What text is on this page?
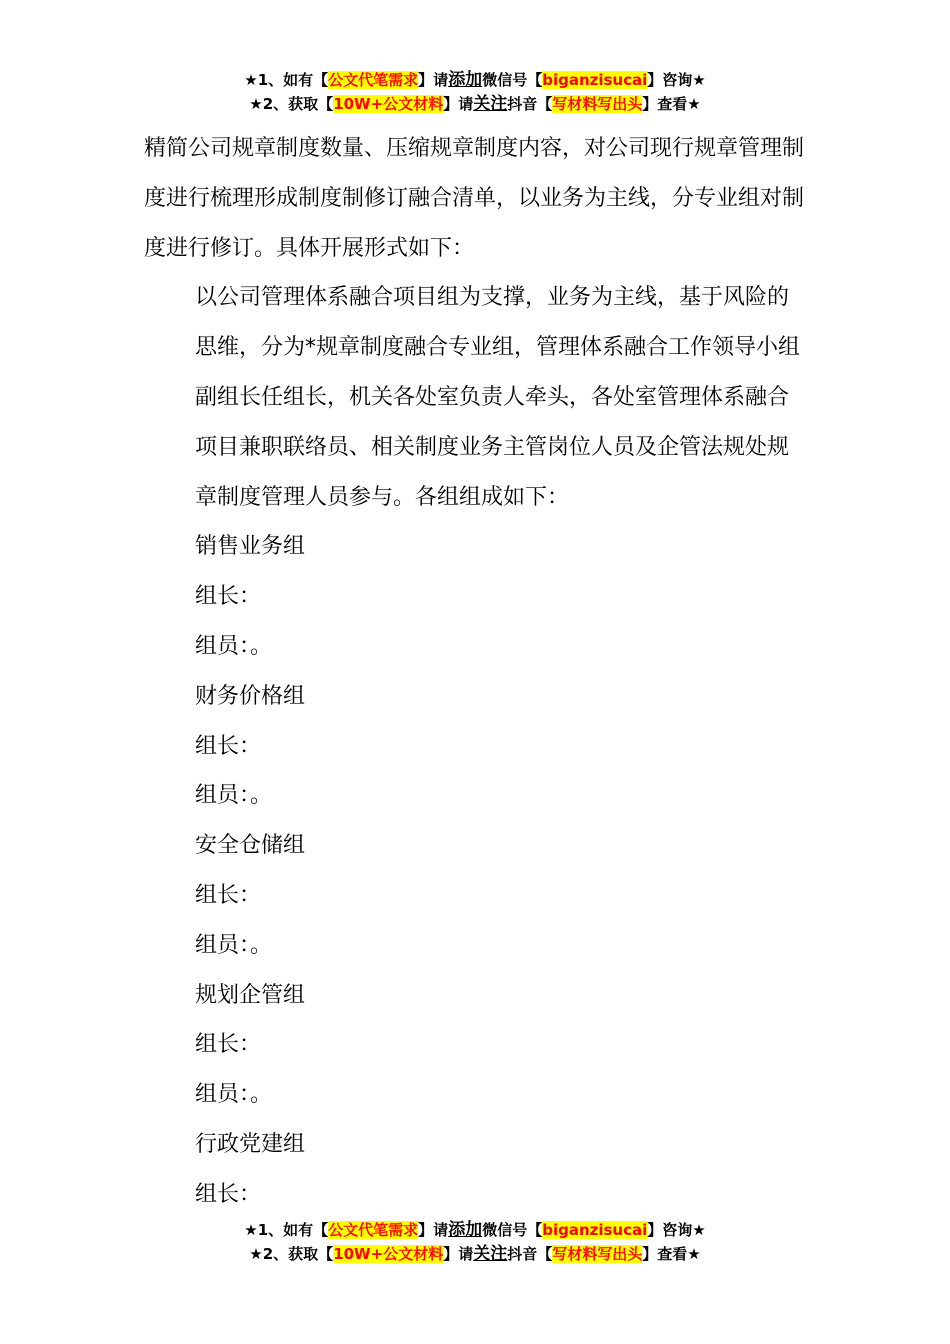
★1、如有【公文代笔需求】请添加微信号【biganzisucai】咨询★
★2、获取【10W+公文材料】请关注抖音【写材料写出头】查看★

精简公司规章制度数量、压缩规章制度内容，对公司现行规章管理制度进行梳理形成制度制修订融合清单，以业务为主线，分专业组对制度进行修订。具体开展形式如下：

以公司管理体系融合项目组为支撑，业务为主线，基于风险的思维，分为*规章制度融合专业组，管理体系融合工作领导小组副组长任组长，机关各处室负责人牵头，各处室管理体系融合项目兼职联络员、相关制度业务主管岗位人员及企管法规处规章制度管理人员参与。各组组成如下：

销售业务组

组长：

组员：。

财务价格组

组长：

组员：。

安全仓储组

组长：

组员：。

规划企管组

组长：

组员：。

行政党建组

组长：

★1、如有【公文代笔需求】请添加微信号【biganzisucai】咨询★
★2、获取【10W+公文材料】请关注抖音【写材料写出头】查看★
